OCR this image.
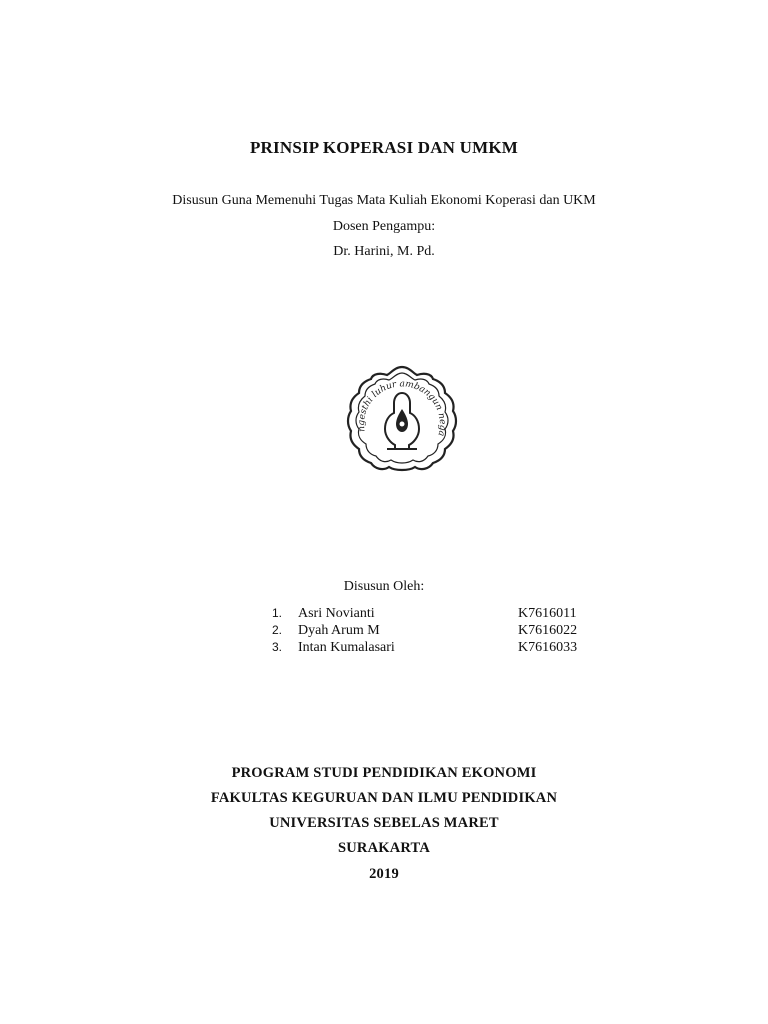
PRINSIP KOPERASI DAN UMKM
Disusun Guna Memenuhi Tugas Mata Kuliah Ekonomi Koperasi dan UKM
Dosen Pengampu:
Dr. Harini, M. Pd.
ngesthi luhur ambangun nega
Disusun Oleh:
1. Asri Novianti	K7616011
2. Dyah Arum M	K7616022
3. Intan Kumalasari	K7616033
PROGRAM STUDI PENDIDIKAN EKONOMI
FAKULTAS KEGURUAN DAN ILMU PENDIDIKAN
UNIVERSITAS SEBELAS MARET
SURAKARTA
2019
